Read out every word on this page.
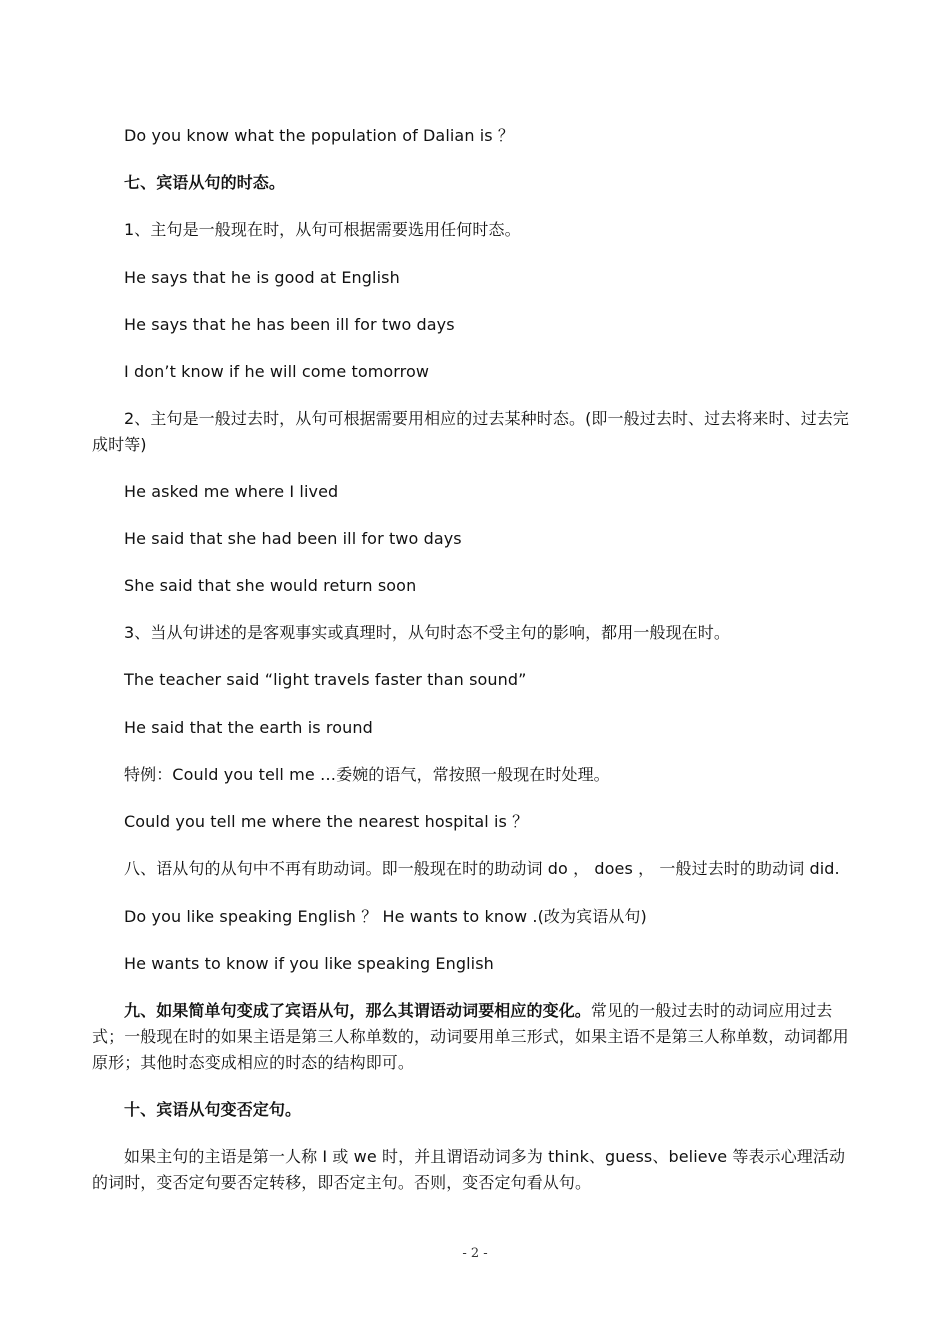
Do you know what the population of Dalian is ？
七、宾语从句的时态。
1、主句是一般现在时，从句可根据需要选用任何时态。
He says that he is good at English
He says that he has been ill for two days
I don’t know if he will come tomorrow
2、主句是一般过去时，从句可根据需要用相应的过去某种时态。(即一般过去时、过去将来时、过去完成时等)
He asked me where I lived
He said that she had been ill for two days
She said that she would return soon
3、当从句讲述的是客观事实或真理时，从句时态不受主句的影响，都用一般现在时。
The teacher said “light travels faster than sound”
He said that the earth is round
特例：Could you tell me …委婉的语气，常按照一般现在时处理。
Could you tell me where the nearest hospital is ？
八、语从句的从句中不再有助动词。即一般现在时的助动词 do ， does ， 一般过去时的助动词 did.
Do you like speaking English ？ He wants to know .(改为宾语从句)
He wants to know if you like speaking English
九、如果简单句变成了宾语从句，那么其谓语动词要相应的变化。常见的一般过去时的动词应用过去式；一般现在时的如果主语是第三人称单数的，动词要用单三形式，如果主语不是第三人称单数，动词都用原形；其他时态变成相应的时态的结构即可。
十、宾语从句变否定句。
如果主句的主语是第一人称 I 或 we 时，并且谓语动词多为 think、guess、believe 等表示心理活动的词时，变否定句要否定转移，即否定主句。否则，变否定句看从句。
- 2 -
